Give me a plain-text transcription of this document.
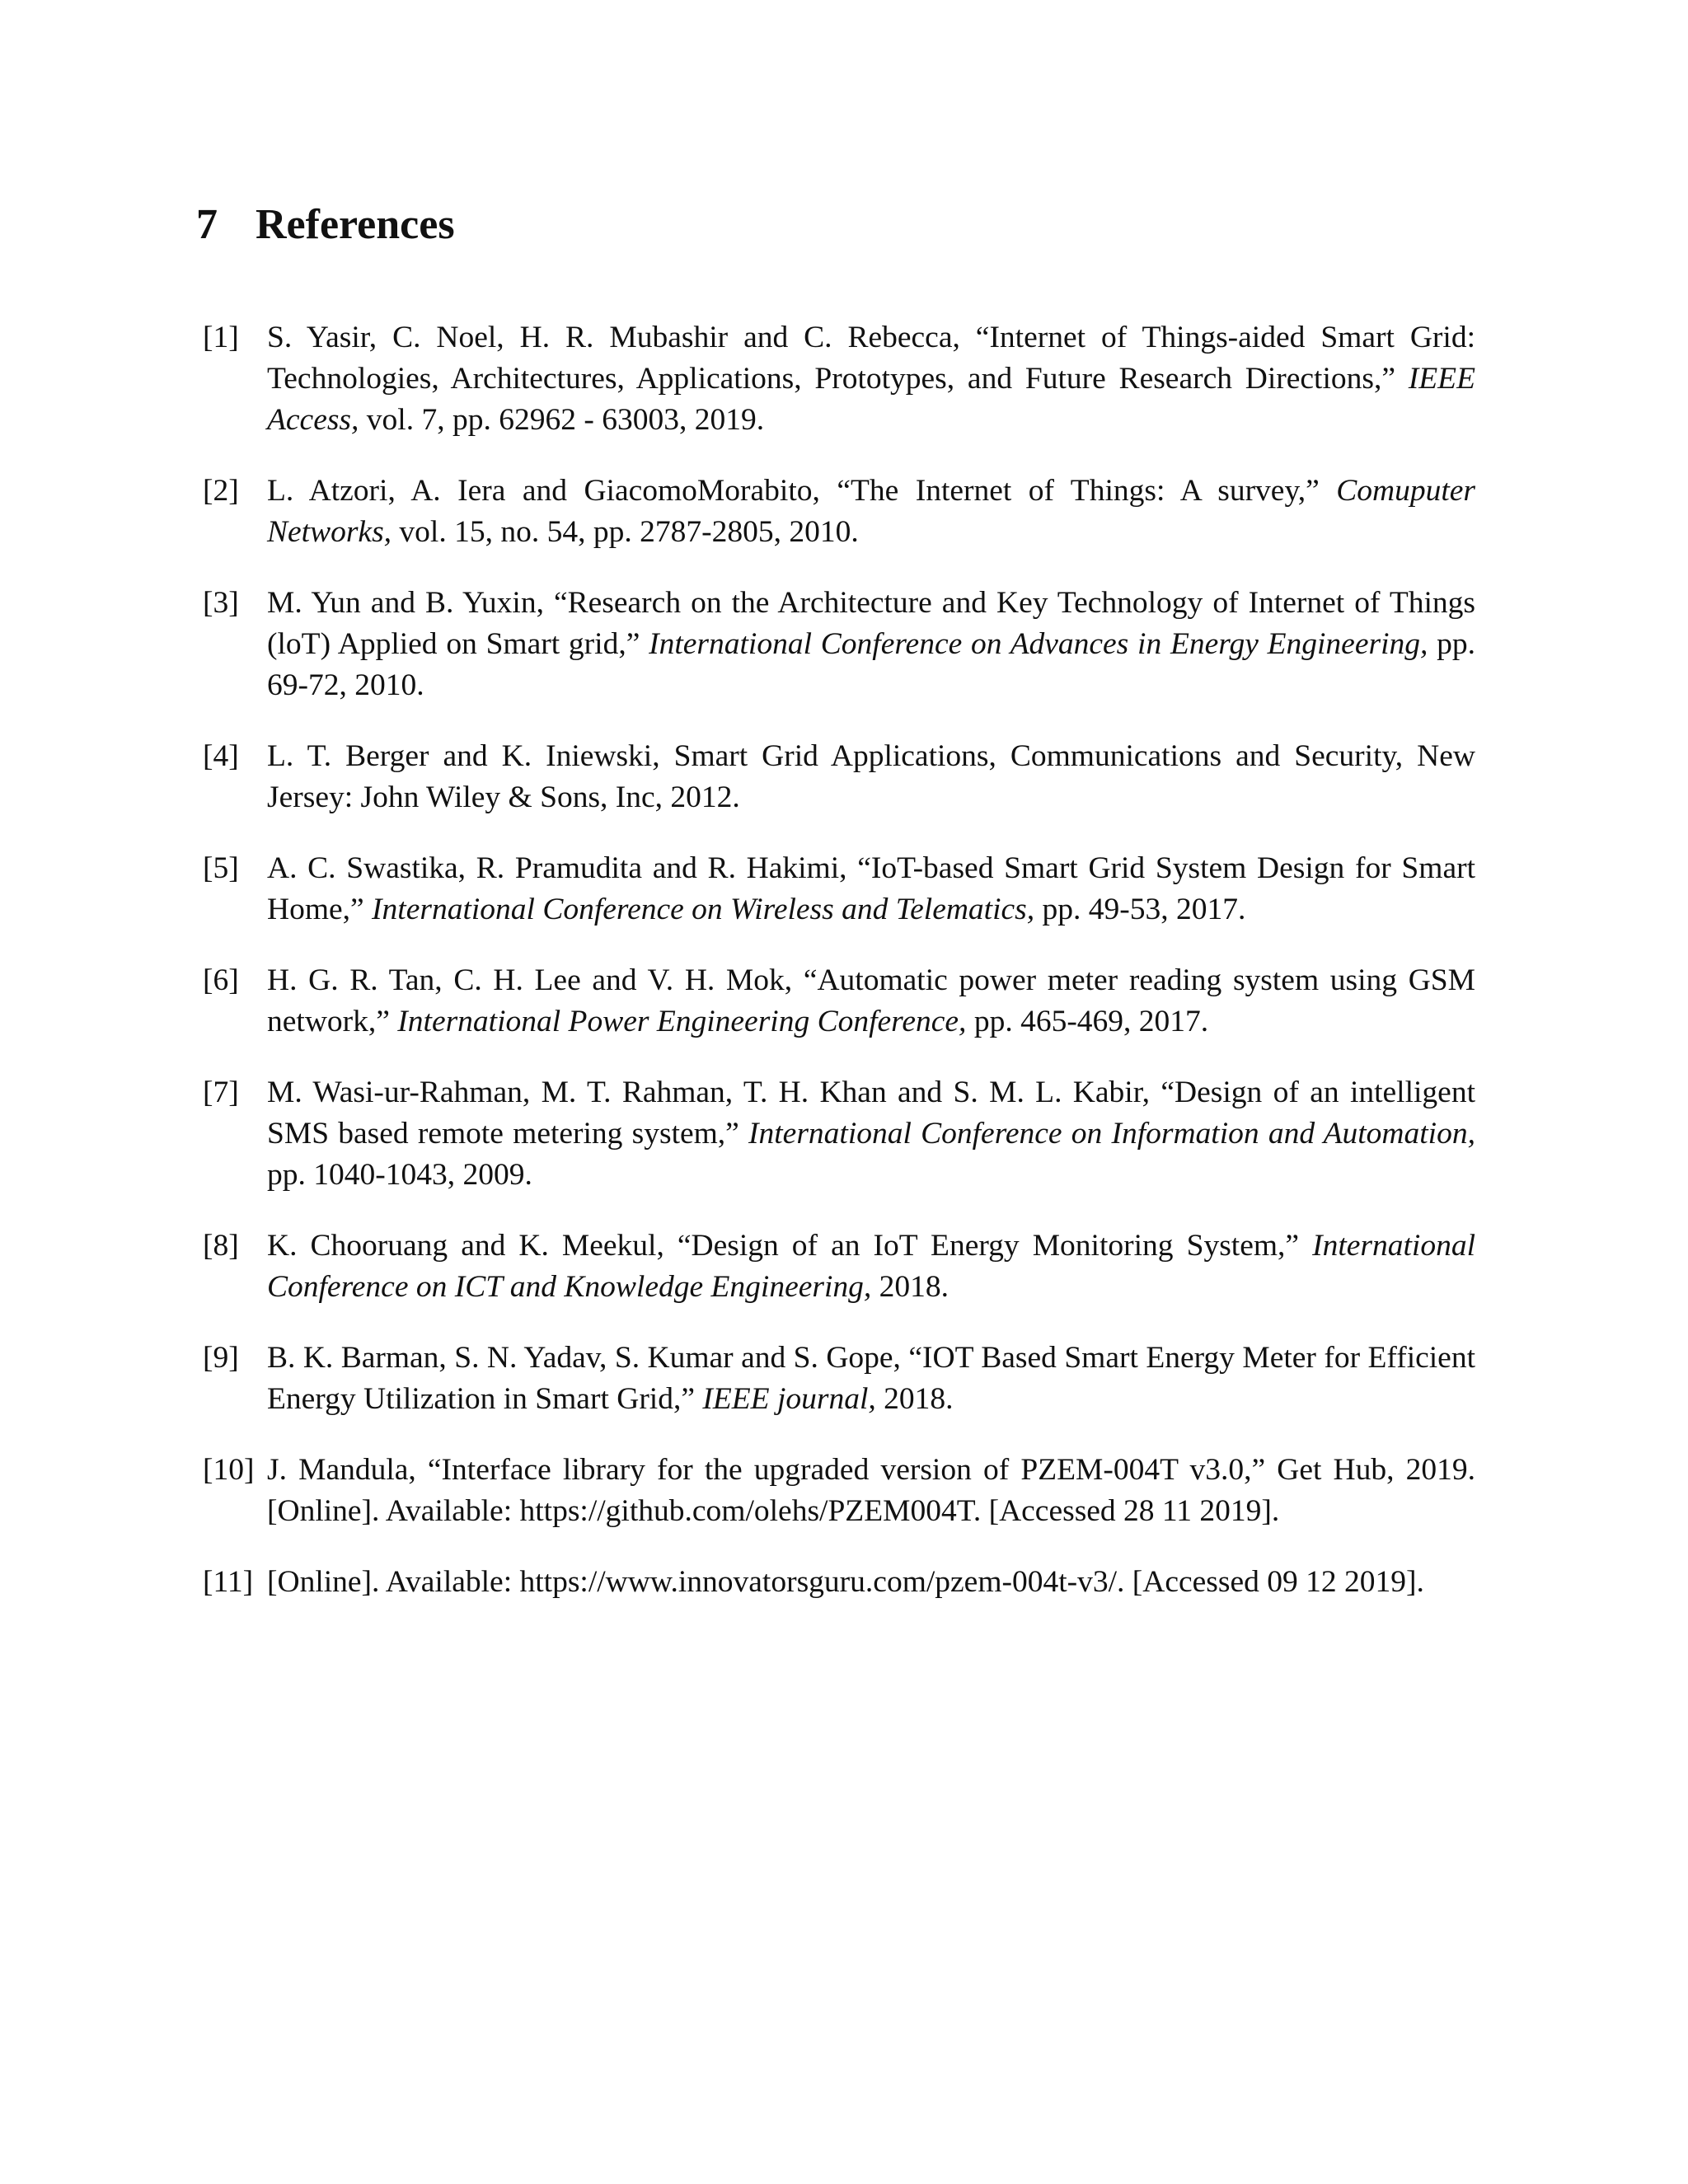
7 References
[1] S. Yasir, C. Noel, H. R. Mubashir and C. Rebecca, “Internet of Things-aided Smart Grid: Technologies, Architectures, Applications, Prototypes, and Future Research Directions,” IEEE Access, vol. 7, pp. 62962 - 63003, 2019.
[2] L. Atzori, A. Iera and GiacomoMorabito, “The Internet of Things: A survey,” Comuputer Networks, vol. 15, no. 54, pp. 2787-2805, 2010.
[3] M. Yun and B. Yuxin, “Research on the Architecture and Key Technology of Internet of Things (loT) Applied on Smart grid,” International Conference on Advances in Energy Engineering, pp. 69-72, 2010.
[4] L. T. Berger and K. Iniewski, Smart Grid Applications, Communications and Security, New Jersey: John Wiley & Sons, Inc, 2012.
[5] A. C. Swastika, R. Pramudita and R. Hakimi, “IoT-based Smart Grid System Design for Smart Home,” International Conference on Wireless and Telematics, pp. 49-53, 2017.
[6] H. G. R. Tan, C. H. Lee and V. H. Mok, “Automatic power meter reading system using GSM network,” International Power Engineering Conference, pp. 465-469, 2017.
[7] M. Wasi-ur-Rahman, M. T. Rahman, T. H. Khan and S. M. L. Kabir, “Design of an intelligent SMS based remote metering system,” International Conference on Information and Automation, pp. 1040-1043, 2009.
[8] K. Chooruang and K. Meekul, “Design of an IoT Energy Monitoring System,” International Conference on ICT and Knowledge Engineering, 2018.
[9] B. K. Barman, S. N. Yadav, S. Kumar and S. Gope, “IOT Based Smart Energy Meter for Efficient Energy Utilization in Smart Grid,” IEEE journal, 2018.
[10] J. Mandula, “Interface library for the upgraded version of PZEM-004T v3.0,” Get Hub, 2019. [Online]. Available: https://github.com/olehs/PZEM004T. [Accessed 28 11 2019].
[11] [Online]. Available: https://www.innovatorsguru.com/pzem-004t-v3/. [Accessed 09 12 2019].
